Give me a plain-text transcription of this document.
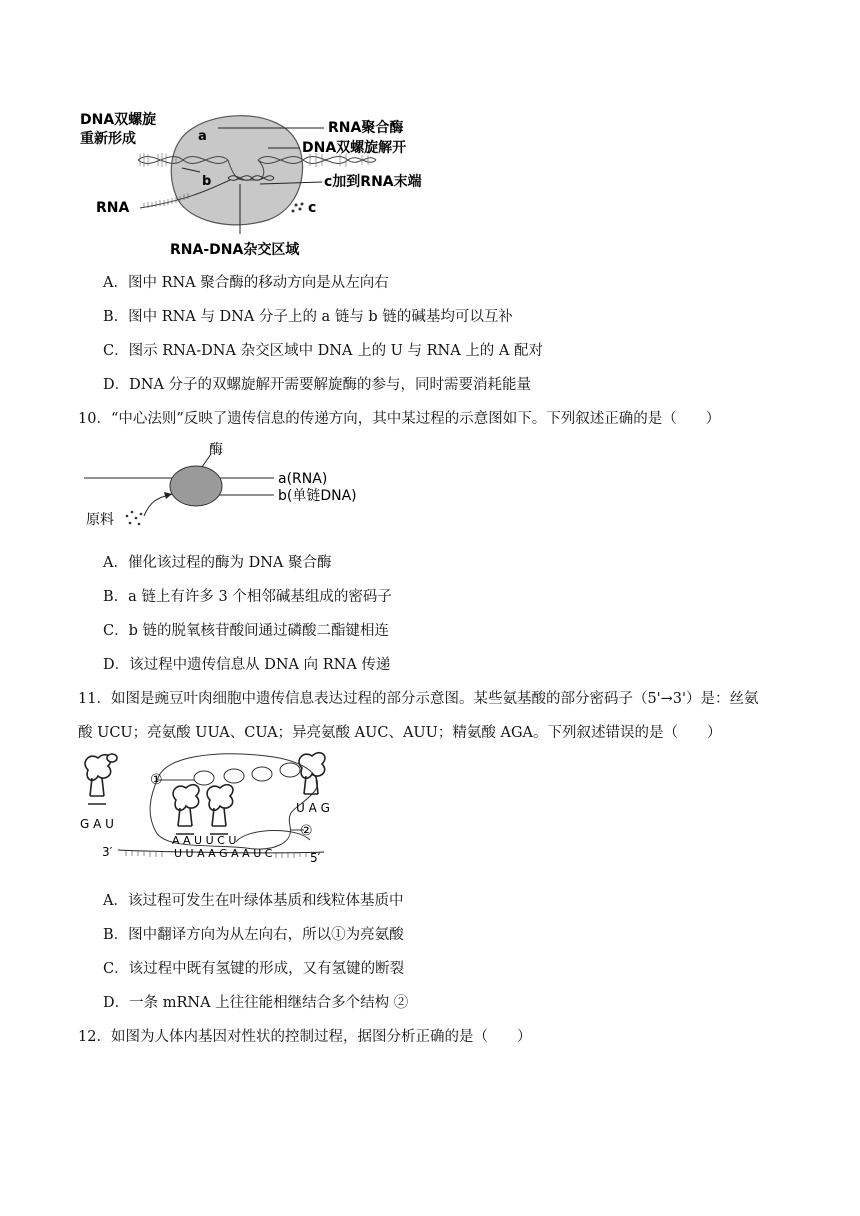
DNA双螺旋
重新形成	a
b
RNA
RNA聚合酶
DNA双螺旋解开
c加到RNA末端
c
RNA-DNA杂交区域
A．图中 RNA 聚合酶的移动方向是从左向右
B．图中 RNA 与 DNA 分子上的 a 链与 b 链的碱基均可以互补
C．图示 RNA-DNA 杂交区域中 DNA 上的 U 与 RNA 上的 A 配对
D．DNA 分子的双螺旋解开需要解旋酶的参与，同时需要消耗能量
10．“中心法则”反映了遗传信息的传递方向，其中某过程的示意图如下。下列叙述正确的是（　　）
酶
a(RNA)
b(单链DNA)
原料
A．催化该过程的酶为 DNA 聚合酶
B．a 链上有许多 3 个相邻碱基组成的密码子
C．b 链的脱氧核苷酸间通过磷酸二酯键相连
D．该过程中遗传信息从 DNA 向 RNA 传递
11．如图是豌豆叶肉细胞中遗传信息表达过程的部分示意图。某些氨基酸的部分密码子（5'→3'）是：丝氨
酸 UCU；亮氨酸 UUA、CUA；异亮氨酸 AUC、AUU；精氨酸 AGA。下列叙述错误的是（　　）
①
②
G A U
U A G
A A U U C U
U U A A G A A U C
3′	5′
A．该过程可发生在叶绿体基质和线粒体基质中
B．图中翻译方向为从左向右，所以①为亮氨酸
C．该过程中既有氢键的形成，又有氢键的断裂
D．一条 mRNA 上往往能相继结合多个结构 ②
12．如图为人体内基因对性状的控制过程，据图分析正确的是（　　）
